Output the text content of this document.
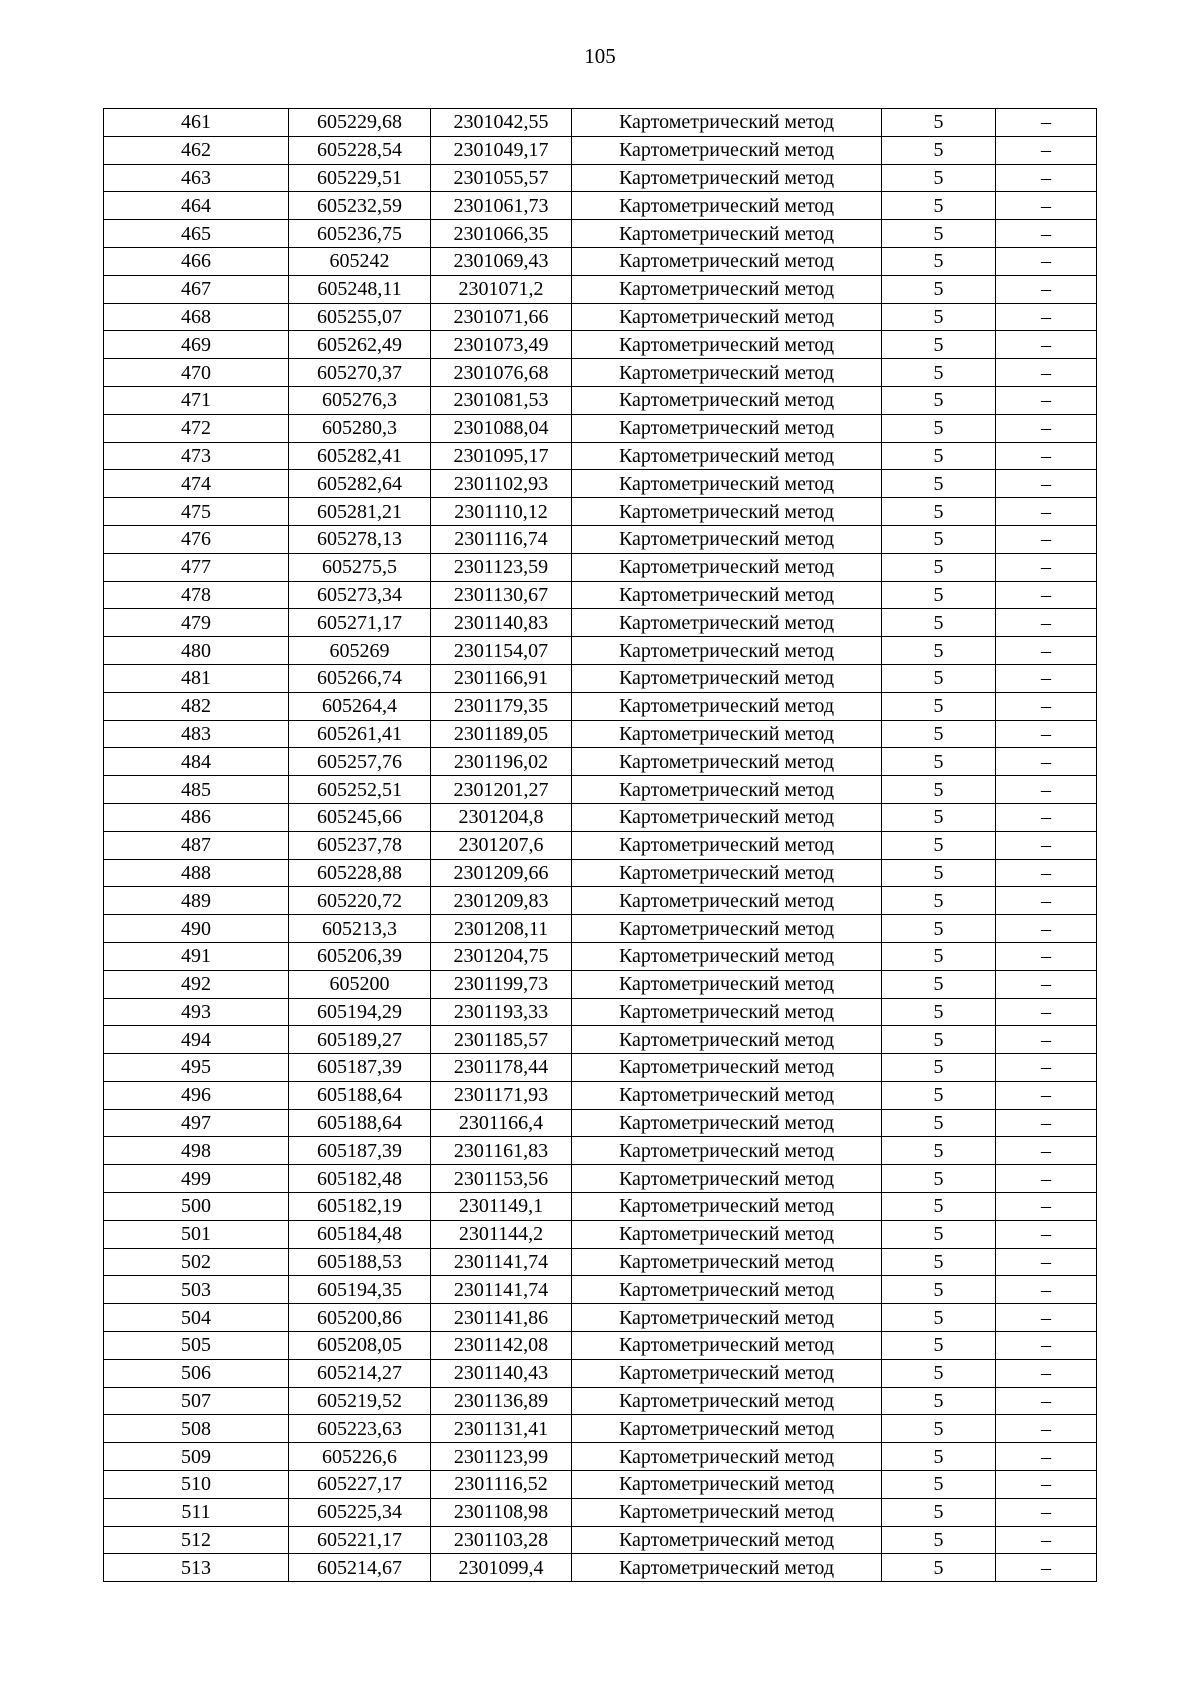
105
461	605229,68	2301042,55	Картометрический метод	5	–
462	605228,54	2301049,17	Картометрический метод	5	–
463	605229,51	2301055,57	Картометрический метод	5	–
464	605232,59	2301061,73	Картометрический метод	5	–
465	605236,75	2301066,35	Картометрический метод	5	–
466	605242	2301069,43	Картометрический метод	5	–
467	605248,11	2301071,2	Картометрический метод	5	–
468	605255,07	2301071,66	Картометрический метод	5	–
469	605262,49	2301073,49	Картометрический метод	5	–
470	605270,37	2301076,68	Картометрический метод	5	–
471	605276,3	2301081,53	Картометрический метод	5	–
472	605280,3	2301088,04	Картометрический метод	5	–
473	605282,41	2301095,17	Картометрический метод	5	–
474	605282,64	2301102,93	Картометрический метод	5	–
475	605281,21	2301110,12	Картометрический метод	5	–
476	605278,13	2301116,74	Картометрический метод	5	–
477	605275,5	2301123,59	Картометрический метод	5	–
478	605273,34	2301130,67	Картометрический метод	5	–
479	605271,17	2301140,83	Картометрический метод	5	–
480	605269	2301154,07	Картометрический метод	5	–
481	605266,74	2301166,91	Картометрический метод	5	–
482	605264,4	2301179,35	Картометрический метод	5	–
483	605261,41	2301189,05	Картометрический метод	5	–
484	605257,76	2301196,02	Картометрический метод	5	–
485	605252,51	2301201,27	Картометрический метод	5	–
486	605245,66	2301204,8	Картометрический метод	5	–
487	605237,78	2301207,6	Картометрический метод	5	–
488	605228,88	2301209,66	Картометрический метод	5	–
489	605220,72	2301209,83	Картометрический метод	5	–
490	605213,3	2301208,11	Картометрический метод	5	–
491	605206,39	2301204,75	Картометрический метод	5	–
492	605200	2301199,73	Картометрический метод	5	–
493	605194,29	2301193,33	Картометрический метод	5	–
494	605189,27	2301185,57	Картометрический метод	5	–
495	605187,39	2301178,44	Картометрический метод	5	–
496	605188,64	2301171,93	Картометрический метод	5	–
497	605188,64	2301166,4	Картометрический метод	5	–
498	605187,39	2301161,83	Картометрический метод	5	–
499	605182,48	2301153,56	Картометрический метод	5	–
500	605182,19	2301149,1	Картометрический метод	5	–
501	605184,48	2301144,2	Картометрический метод	5	–
502	605188,53	2301141,74	Картометрический метод	5	–
503	605194,35	2301141,74	Картометрический метод	5	–
504	605200,86	2301141,86	Картометрический метод	5	–
505	605208,05	2301142,08	Картометрический метод	5	–
506	605214,27	2301140,43	Картометрический метод	5	–
507	605219,52	2301136,89	Картометрический метод	5	–
508	605223,63	2301131,41	Картометрический метод	5	–
509	605226,6	2301123,99	Картометрический метод	5	–
510	605227,17	2301116,52	Картометрический метод	5	–
511	605225,34	2301108,98	Картометрический метод	5	–
512	605221,17	2301103,28	Картометрический метод	5	–
513	605214,67	2301099,4	Картометрический метод	5	–
